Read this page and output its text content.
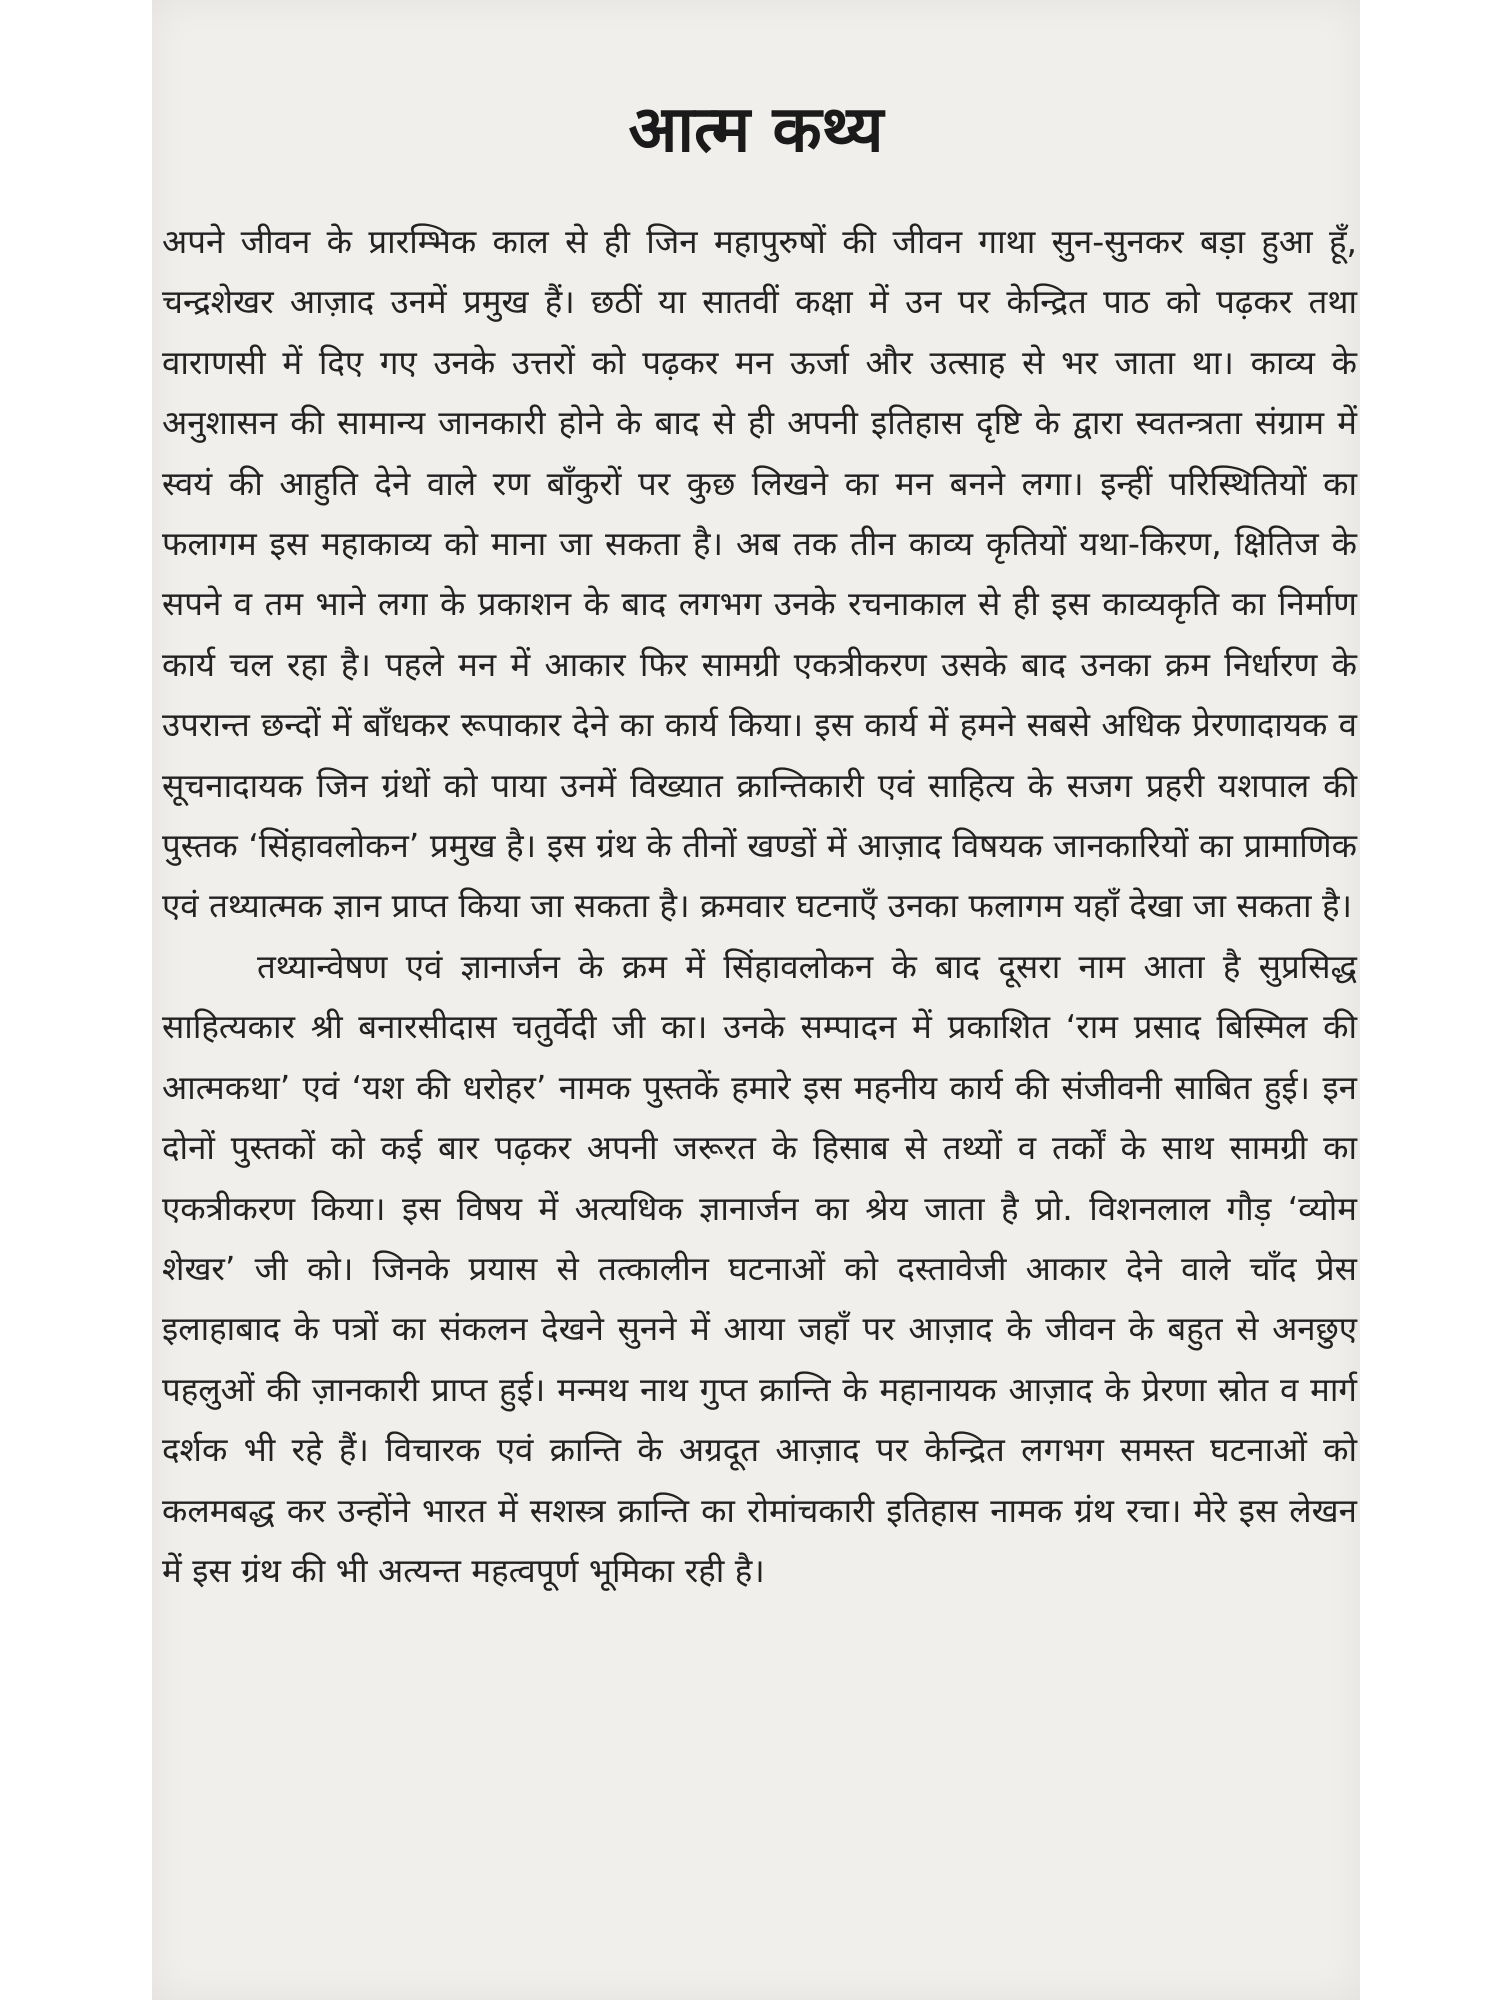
आत्म कथ्य

अपने जीवन के प्रारम्भिक काल से ही जिन महापुरुषों की जीवन गाथा सुन-सुनकर बड़ा हुआ हूँ, चन्द्रशेखर आज़ाद उनमें प्रमुख हैं। छठीं या सातवीं कक्षा में उन पर केन्द्रित पाठ को पढ़कर तथा वाराणसी में दिए गए उनके उत्तरों को पढ़कर मन ऊर्जा और उत्साह से भर जाता था। काव्य के अनुशासन की सामान्य जानकारी होने के बाद से ही अपनी इतिहास दृष्टि के द्वारा स्वतन्त्रता संग्राम में स्वयं की आहुति देने वाले रण बाँकुरों पर कुछ लिखने का मन बनने लगा। इन्हीं परिस्थितियों का फलागम इस महाकाव्य को माना जा सकता है। अब तक तीन काव्य कृतियों यथा-किरण, क्षितिज के सपने व तम भाने लगा के प्रकाशन के बाद लगभग उनके रचनाकाल से ही इस काव्यकृति का निर्माण कार्य चल रहा है। पहले मन में आकार फिर सामग्री एकत्रीकरण उसके बाद उनका क्रम निर्धारण के उपरान्त छन्दों में बाँधकर रूपाकार देने का कार्य किया। इस कार्य में हमने सबसे अधिक प्रेरणादायक व सूचनादायक जिन ग्रंथों को पाया उनमें विख्यात क्रान्तिकारी एवं साहित्य के सजग प्रहरी यशपाल की पुस्तक ‘सिंहावलोकन’ प्रमुख है। इस ग्रंथ के तीनों खण्डों में आज़ाद विषयक जानकारियों का प्रामाणिक एवं तथ्यात्मक ज्ञान प्राप्त किया जा सकता है। क्रमवार घटनाएँ उनका फलागम यहाँ देखा जा सकता है।

तथ्यान्वेषण एवं ज्ञानार्जन के क्रम में सिंहावलोकन के बाद दूसरा नाम आता है सुप्रसिद्ध साहित्यकार श्री बनारसीदास चतुर्वेदी जी का। उनके सम्पादन में प्रकाशित ‘राम प्रसाद बिस्मिल की आत्मकथा’ एवं ‘यश की धरोहर’ नामक पुस्तकें हमारे इस महनीय कार्य की संजीवनी साबित हुई। इन दोनों पुस्तकों को कई बार पढ़कर अपनी जरूरत के हिसाब से तथ्यों व तर्कों के साथ सामग्री का एकत्रीकरण किया। इस विषय में अत्यधिक ज्ञानार्जन का श्रेय जाता है प्रो. विशनलाल गौड़ ‘व्योम शेखर’ जी को। जिनके प्रयास से तत्कालीन घटनाओं को दस्तावेजी आकार देने वाले चाँद प्रेस इलाहाबाद के पत्रों का संकलन देखने सुनने में आया जहाँ पर आज़ाद के जीवन के बहुत से अनछुए पहलुओं की ज़ानकारी प्राप्त हुई। मन्मथ नाथ गुप्त क्रान्ति के महानायक आज़ाद के प्रेरणा स्रोत व मार्ग दर्शक भी रहे हैं। विचारक एवं क्रान्ति के अग्रदूत आज़ाद पर केन्द्रित लगभग समस्त घटनाओं को कलमबद्ध कर उन्होंने भारत में सशस्त्र क्रान्ति का रोमांचकारी इतिहास नामक ग्रंथ रचा। मेरे इस लेखन में इस ग्रंथ की भी अत्यन्त महत्वपूर्ण भूमिका रही है।
